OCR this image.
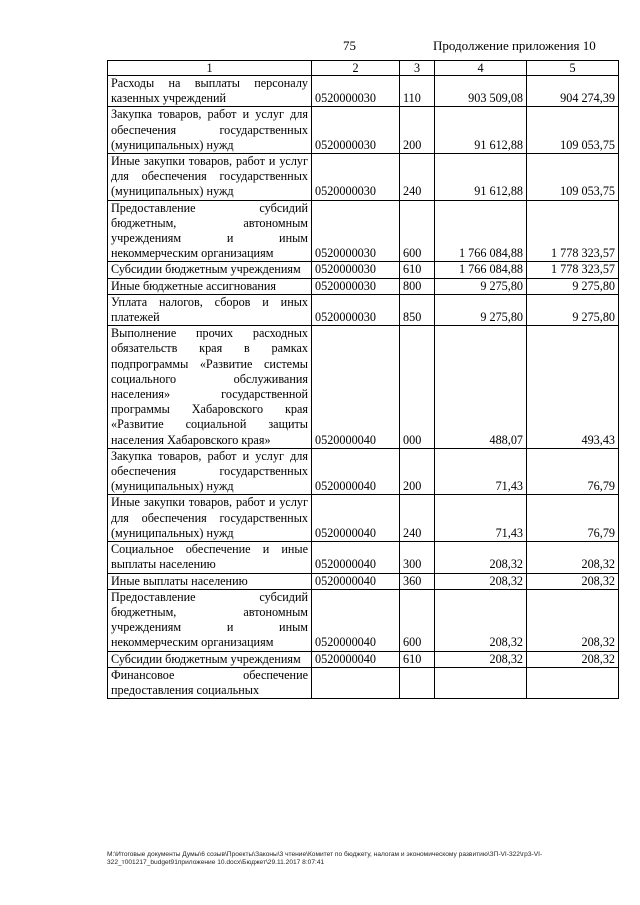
75	Продолжение приложения 10
1	2	3	4	5
Расходы на выплаты персоналу казенных учреждений	0520000030	110	903 509,08	904 274,39
Закупка товаров, работ и услуг для обеспечения государственных (муниципальных) нужд	0520000030	200	91 612,88	109 053,75
Иные закупки товаров, работ и услуг для обеспечения государственных (муниципальных) нужд	0520000030	240	91 612,88	109 053,75
Предоставление субсидий бюджетным, автономным учреждениям и иным некоммерческим организациям	0520000030	600	1 766 084,88	1 778 323,57
Субсидии бюджетным учреждениям	0520000030	610	1 766 084,88	1 778 323,57
Иные бюджетные ассигнования	0520000030	800	9 275,80	9 275,80
Уплата налогов, сборов и иных платежей	0520000030	850	9 275,80	9 275,80
Выполнение прочих расходных обязательств края в рамках подпрограммы «Развитие системы социального обслуживания населения» государственной программы Хабаровского края «Развитие социальной защиты населения Хабаровского края»	0520000040	000	488,07	493,43
Закупка товаров, работ и услуг для обеспечения государственных (муниципальных) нужд	0520000040	200	71,43	76,79
Иные закупки товаров, работ и услуг для обеспечения государственных (муниципальных) нужд	0520000040	240	71,43	76,79
Социальное обеспечение и иные выплаты населению	0520000040	300	208,32	208,32
Иные выплаты населению	0520000040	360	208,32	208,32
Предоставление субсидий бюджетным, автономным учреждениям и иным некоммерческим организациям	0520000040	600	208,32	208,32
Субсидии бюджетным учреждениям	0520000040	610	208,32	208,32
Финансовое обеспечение предоставления социальных				
М:\Итоговые документы Думы\6 созыв\Проекты\Законы\3 чтение\Комитет по бюджету, налогам и экономическому развитию\ЗП-VI-322\гр3-VI-322_т001217_budget91приложение 10.docx\Бюджет\29.11.2017 8:07:41
